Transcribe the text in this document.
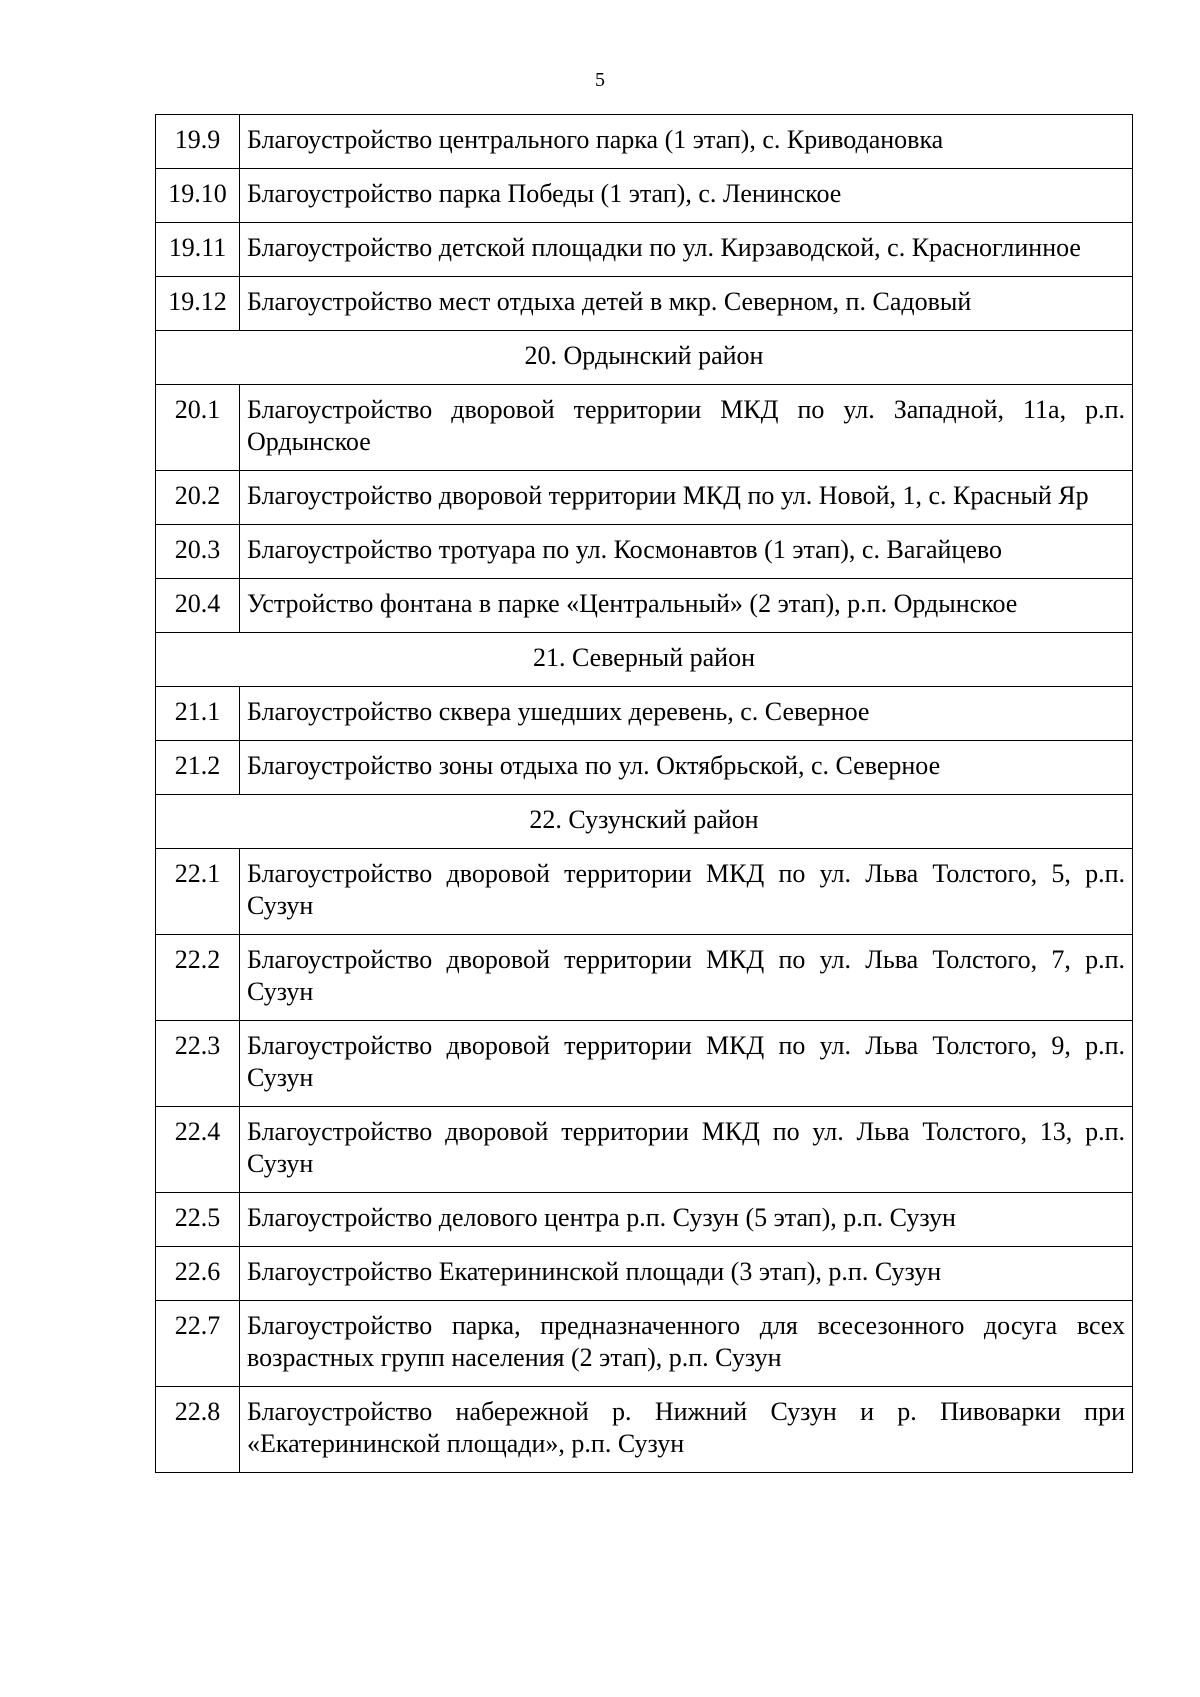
5
19.9	Благоустройство центрального парка (1 этап), с. Криводановка
19.10	Благоустройство парка Победы (1 этап), с. Ленинское
19.11	Благоустройство детской площадки по ул. Кирзаводской, с. Красноглинное
19.12	Благоустройство мест отдыха детей в мкр. Северном, п. Садовый
20. Ордынский район	
20.1	Благоустройство дворовой территории МКД по ул. Западной, 11а, р.п. Ордынское
20.2	Благоустройство дворовой территории МКД по ул. Новой, 1, с. Красный Яр
20.3	Благоустройство тротуара по ул. Космонавтов (1 этап), с. Вагайцево
20.4	Устройство фонтана в парке «Центральный» (2 этап), р.п. Ордынское
21. Северный район	
21.1	Благоустройство сквера ушедших деревень, с. Северное
21.2	Благоустройство зоны отдыха по ул. Октябрьской, с. Северное
22. Сузунский район	
22.1	Благоустройство дворовой территории МКД по ул. Льва Толстого, 5, р.п. Сузун
22.2	Благоустройство дворовой территории МКД по ул. Льва Толстого, 7, р.п. Сузун
22.3	Благоустройство дворовой территории МКД по ул. Льва Толстого, 9, р.п. Сузун
22.4	Благоустройство дворовой территории МКД по ул. Льва Толстого, 13, р.п. Сузун
22.5	Благоустройство делового центра р.п. Сузун (5 этап), р.п. Сузун
22.6	Благоустройство Екатерининской площади (3 этап), р.п. Сузун
22.7	Благоустройство парка, предназначенного для всесезонного досуга всех возрастных групп населения (2 этап), р.п. Сузун
22.8	Благоустройство набережной р. Нижний Сузун и р. Пивоварки при «Екатерининской площади», р.п. Сузун
